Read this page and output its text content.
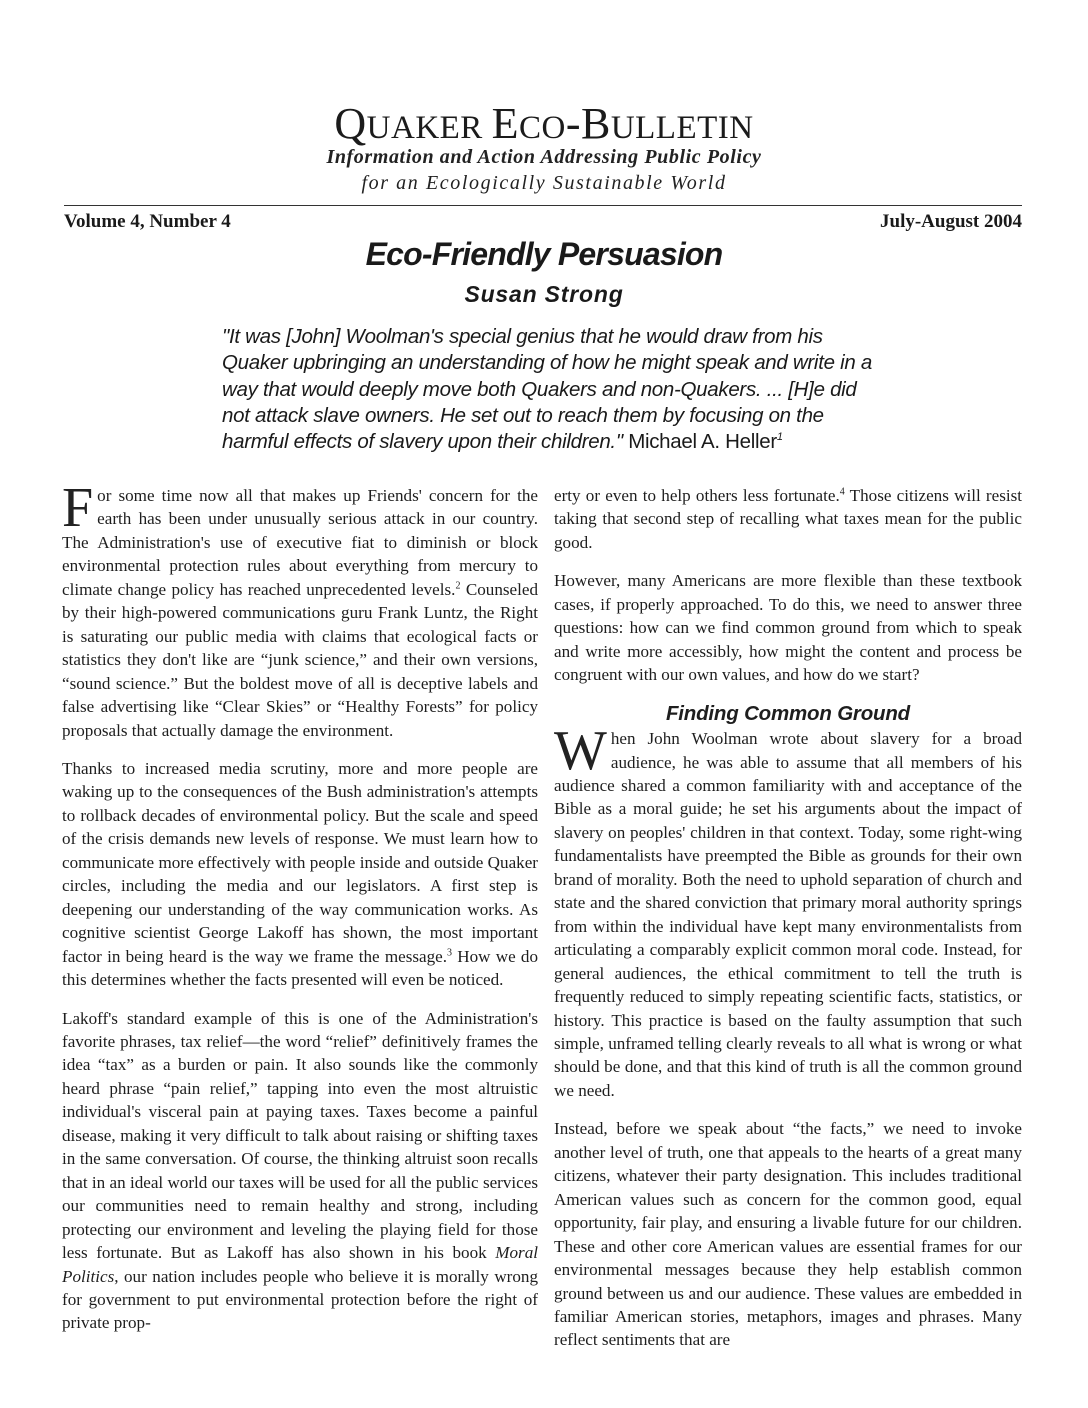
QUAKER ECO-BULLETIN
Information and Action Addressing Public Policy
for an Ecologically Sustainable World
Volume 4, Number 4	July-August 2004
Eco-Friendly Persuasion
Susan Strong
"It was [John] Woolman's special genius that he would draw from his Quaker upbringing an understanding of how he might speak and write in a way that would deeply move both Quakers and non-Quakers. ... [H]e did not attack slave owners. He set out to reach them by focusing on the harmful effects of slavery upon their children." Michael A. Heller$^1$

For some time now all that makes up Friends' concern for the earth has been under unusually serious attack in our country. The Administration's use of executive fiat to diminish or block environmental protection rules about everything from mercury to climate change policy has reached unprecedented levels.$^2$ Counseled by their high-powered communications guru Frank Luntz, the Right is saturating our public media with claims that ecological facts or statistics they don't like are “junk science,” and their own versions, “sound science.” But the boldest move of all is deceptive labels and false advertising like “Clear Skies” or “Healthy Forests” for policy proposals that actually damage the environment.

Thanks to increased media scrutiny, more and more people are waking up to the consequences of the Bush administration's attempts to rollback decades of environmental policy. But the scale and speed of the crisis demands new levels of response. We must learn how to communicate more effectively with people inside and outside Quaker circles, including the media and our legislators. A first step is deepening our understanding of the way communication works. As cognitive scientist George Lakoff has shown, the most important factor in being heard is the way we frame the message.$^3$ How we do this determines whether the facts presented will even be noticed.

Lakoff's standard example of this is one of the Administration's favorite phrases, tax relief—the word “relief” definitively frames the idea “tax” as a burden or pain. It also sounds like the commonly heard phrase “pain relief,” tapping into even the most altruistic individual's visceral pain at paying taxes. Taxes become a painful disease, making it very difficult to talk about raising or shifting taxes in the same conversation. Of course, the thinking altruist soon recalls that in an ideal world our taxes will be used for all the public services our communities need to remain healthy and strong, including protecting our environment and leveling the playing field for those less fortunate. But as Lakoff has also shown in his book Moral Politics, our nation includes people who believe it is morally wrong for government to put environmental protection before the right of private prop-

erty or even to help others less fortunate.$^4$ Those citizens will resist taking that second step of recalling what taxes mean for the public good.

However, many Americans are more flexible than these textbook cases, if properly approached. To do this, we need to answer three questions: how can we find common ground from which to speak and write more accessibly, how might the content and process be congruent with our own values, and how do we start?

Finding Common Ground

When John Woolman wrote about slavery for a broad audience, he was able to assume that all members of his audience shared a common familiarity with and acceptance of the Bible as a moral guide; he set his arguments about the impact of slavery on peoples' children in that context. Today, some right-wing fundamentalists have preempted the Bible as grounds for their own brand of morality. Both the need to uphold separation of church and state and the shared conviction that primary moral authority springs from within the individual have kept many environmentalists from articulating a comparably explicit common moral code. Instead, for general audiences, the ethical commitment to tell the truth is frequently reduced to simply repeating scientific facts, statistics, or history. This practice is based on the faulty assumption that such simple, unframed telling clearly reveals to all what is wrong or what should be done, and that this kind of truth is all the common ground we need.

Instead, before we speak about “the facts,” we need to invoke another level of truth, one that appeals to the hearts of a great many citizens, whatever their party designation. This includes traditional American values such as concern for the common good, equal opportunity, fair play, and ensuring a livable future for our children. These and other core American values are essential frames for our environmental messages because they help establish common ground between us and our audience. These values are embedded in familiar American stories, metaphors, images and phrases. Many reflect sentiments that are
